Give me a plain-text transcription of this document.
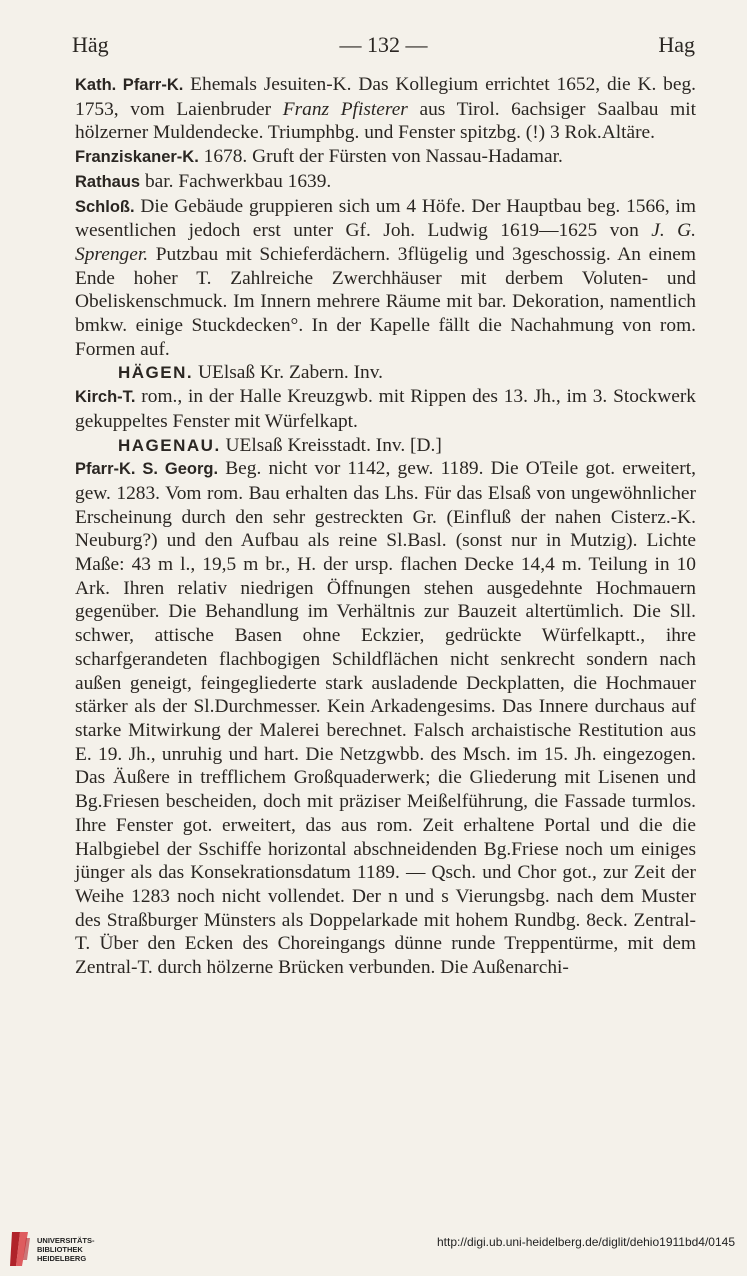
Häg	— 132 —	Hag

Kath. Pfarr-K. Ehemals Jesuiten-K. Das Kollegium errichtet 1652, die K. beg. 1753, vom Laienbruder Franz Pfisterer aus Tirol. 6achsiger Saalbau mit hölzerner Muldendecke. Triumphbg. und Fenster spitzbg. (!) 3 Rok.Altäre.

Franziskaner-K. 1678. Gruft der Fürsten von Nassau-Hadamar.

Rathaus bar. Fachwerkbau 1639.

Schloß. Die Gebäude gruppieren sich um 4 Höfe. Der Hauptbau beg. 1566, im wesentlichen jedoch erst unter Gf. Joh. Ludwig 1619—1625 von J. G. Sprenger. Putzbau mit Schieferdächern. 3flügelig und 3geschossig. An einem Ende hoher T. Zahlreiche Zwerchhäuser mit derbem Voluten- und Obeliskenschmuck. Im Innern mehrere Räume mit bar. Dekoration, namentlich bmkw. einige Stuckdecken°. In der Kapelle fällt die Nachahmung von rom. Formen auf.

HÄGEN. UElsaß Kr. Zabern. Inv.

Kirch-T. rom., in der Halle Kreuzgwb. mit Rippen des 13. Jh., im 3. Stockwerk gekuppeltes Fenster mit Würfelkapt.

HAGENAU. UElsaß Kreisstadt. Inv. [D.]

Pfarr-K. S. Georg. Beg. nicht vor 1142, gew. 1189. Die OTeile got. erweitert, gew. 1283. Vom rom. Bau erhalten das Lhs. Für das Elsaß von ungewöhnlicher Erscheinung durch den sehr gestreckten Gr. (Einfluß der nahen Cisterz.-K. Neuburg?) und den Aufbau als reine Sl.Basl. (sonst nur in Mutzig). Lichte Maße: 43 m l., 19,5 m br., H. der ursp. flachen Decke 14,4 m. Teilung in 10 Ark. Ihren relativ niedrigen Öffnungen stehen ausgedehnte Hochmauern gegenüber. Die Behandlung im Verhältnis zur Bauzeit altertümlich. Die Sll. schwer, attische Basen ohne Eckzier, gedrückte Würfelkaptt., ihre scharfgerandeten flachbogigen Schildflächen nicht senkrecht sondern nach außen geneigt, feingegliederte stark ausladende Deckplatten, die Hochmauer stärker als der Sl.Durchmesser. Kein Arkadengesims. Das Innere durchaus auf starke Mitwirkung der Malerei berechnet. Falsch archaistische Restitution aus E. 19. Jh., unruhig und hart. Die Netzgwbb. des Msch. im 15. Jh. eingezogen. Das Äußere in trefflichem Großquaderwerk; die Gliederung mit Lisenen und Bg.Friesen bescheiden, doch mit präziser Meißelführung, die Fassade turmlos. Ihre Fenster got. erweitert, das aus rom. Zeit erhaltene Portal und die die Halbgiebel der Sschiffe horizontal abschneidenden Bg.Friese noch um einiges jünger als das Konsekrationsdatum 1189. — Qsch. und Chor got., zur Zeit der Weihe 1283 noch nicht vollendet. Der n und s Vierungsbg. nach dem Muster des Straßburger Münsters als Doppelarkade mit hohem Rundbg. 8eck. Zentral-T. Über den Ecken des Choreingangs dünne runde Treppentürme, mit dem Zentral-T. durch hölzerne Brücken verbunden. Die Außenarchi-

UNIVERSITÄTS-
BIBLIOTHEK
HEIDELBERG
http://digi.ub.uni-heidelberg.de/diglit/dehio1911bd4/0145
